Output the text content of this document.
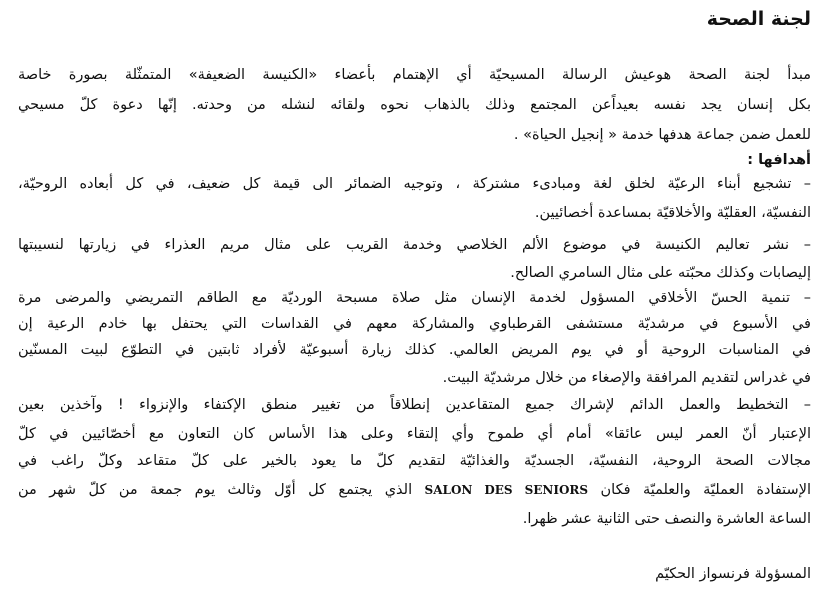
لجنة الصحة

مبدأ لجنة الصحة هوعيش الرسالة المسيحيّة أي الإهتمام بأعضاء «الكنيسة الضعيفة» المتمثّلة بصورة خاصة

بكل إنسان يجد نفسه بعيداًعن المجتمع وذلك بالذهاب نحوه ولقائه لنشله من وحدته. إنّها دعوة كلّ مسيحي

للعمل ضمن جماعة هدفها خدمة « إنجيل الحياة» .

أهدافها :

– تشجيع أبناء الرعيّة لخلق لغة ومبادىء مشتركة ، وتوجيه الضمائر الى قيمة كل ضعيف، في كل أبعاده الروحيّة،

النفسيّة، العقليّة والأخلاقيّة بمساعدة أخصائيين.

– نشر تعاليم الكنيسة في موضوع الألم الخلاصي وخدمة القريب على مثال مريم العذراء في زيارتها لنسيبتها

إليصابات وكذلك محبّته على مثال السامري الصالح.

– تنمية الحسّ الأخلاقي المسؤول لخدمة الإنسان مثل صلاة مسبحة الورديّة مع الطاقم التمريضي والمرضى مرة

في الأسبوع في مرشديّة مستشفى القرطباوي والمشاركة معهم في القداسات التي يحتفل بها خادم الرعية إن

في المناسبات الروحية أو في يوم المريض العالمي. كذلك زيارة أسبوعيّة لأفراد ثابتين في التطوّع لبيت المسنّين

في غدراس لتقديم المرافقة والإصغاء من خلال مرشديّة البيت.

– التخطيط والعمل الدائم لإشراك جميع المتقاعدين إنطلاقاً من تغيير منطق الإكتفاء والإنزواء ! وآخذين بعين

الإعتبار أنّ العمر ليس عائقا» أمام أي طموح وأي إلتقاء وعلى هذا الأساس كان التعاون مع أخصّائيين في كلّ

مجالات الصحة الروحية، النفسيّة، الجسديّة والغذائيّة لتقديم كلّ ما يعود بالخير على كلّ متقاعد وكلّ راغب في

الإستفادة العمليّة والعلميّة فكان SALON DES SENIORS الذي يجتمع كل أوّل وثالث يوم جمعة من كلّ شهر من

الساعة العاشرة والنصف حتى الثانية عشر ظهرا.

المسؤولة فرنسواز الحكيّم
